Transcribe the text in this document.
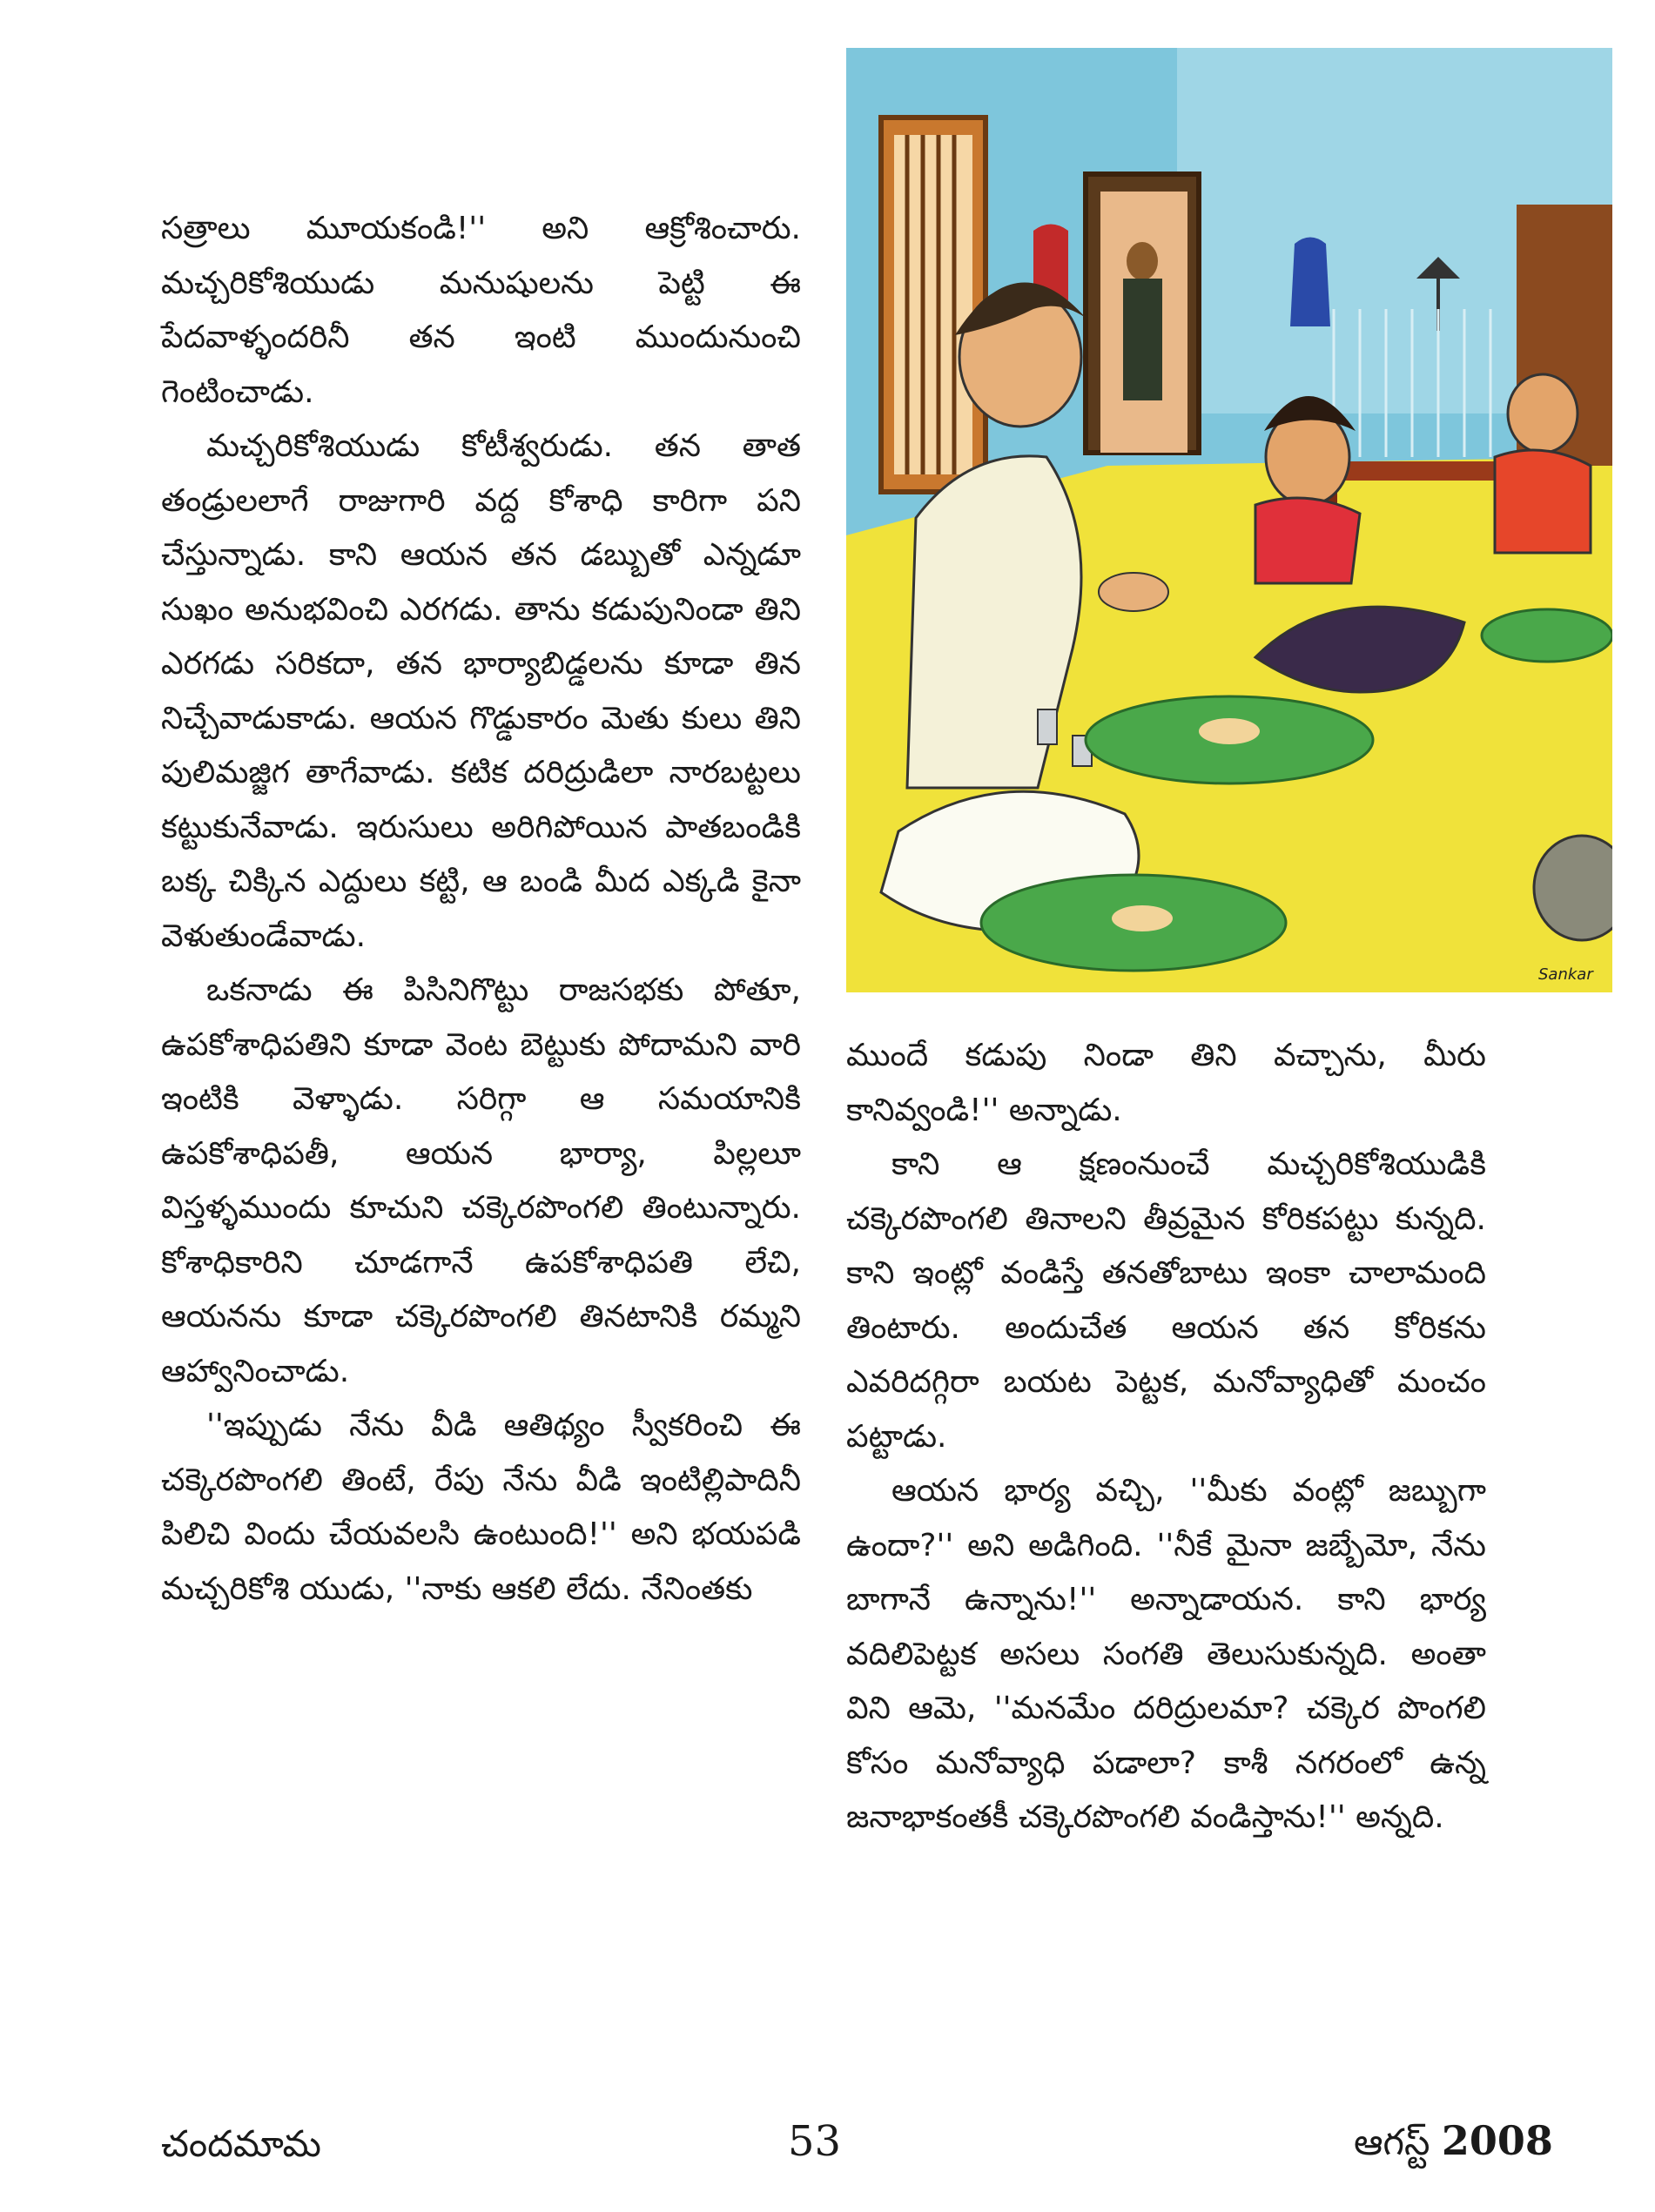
Sankar

సత్రాలు మూయకండి!'' అని ఆక్రోశించారు. మచ్చరికోశియుడు మనుషులను పెట్టి ఈ పేదవాళ్ళందరినీ తన ఇంటి ముందునుంచి గెంటించాడు.

మచ్చరికోశియుడు కోటీశ్వరుడు. తన తాత తండ్రులలాగే రాజుగారి వద్ద కోశాధి కారిగా పని చేస్తున్నాడు. కాని ఆయన తన డబ్బుతో ఎన్నడూ సుఖం అనుభవించి ఎరగడు. తాను కడుపునిండా తిని ఎరగడు సరికదా, తన భార్యాబిడ్డలను కూడా తిన నిచ్చేవాడుకాడు. ఆయన గొడ్డుకారం మెతు కులు తిని పులిమజ్జిగ తాగేవాడు. కటిక దరిద్రుడిలా నారబట్టలు కట్టుకునేవాడు. ఇరుసులు అరిగిపోయిన పాతబండికి బక్క చిక్కిన ఎద్దులు కట్టి, ఆ బండి మీద ఎక్కడి కైనా వెళుతుండేవాడు.

ఒకనాడు ఈ పిసినిగొట్టు రాజసభకు పోతూ, ఉపకోశాధిపతిని కూడా వెంట బెట్టుకు పోదామని వారి ఇంటికి వెళ్ళాడు. సరిగ్గా ఆ సమయానికి ఉపకోశాధిపతీ, ఆయన భార్యా, పిల్లలూ విస్తళ్ళముందు కూచుని చక్కెరపొంగలి తింటున్నారు. కోశాధికారిని చూడగానే ఉపకోశాధిపతి లేచి, ఆయనను కూడా చక్కెరపొంగలి తినటానికి రమ్మని ఆహ్వానించాడు.

''ఇప్పుడు నేను వీడి ఆతిథ్యం స్వీకరించి ఈ చక్కెరపొంగలి తింటే, రేపు నేను వీడి ఇంటిల్లిపాదినీ పిలిచి విందు చేయవలసి ఉంటుంది!'' అని భయపడి మచ్చరికోశి యుడు, ''నాకు ఆకలి లేదు. నేనింతకు

ముందే కడుపు నిండా తిని వచ్చాను, మీరు కానివ్వండి!'' అన్నాడు.

కాని ఆ క్షణంనుంచే మచ్చరికోశియుడికి చక్కెరపొంగలి తినాలని తీవ్రమైన కోరికపట్టు కున్నది. కాని ఇంట్లో వండిస్తే తనతోబాటు ఇంకా చాలామంది తింటారు. అందుచేత ఆయన తన కోరికను ఎవరిదగ్గిరా బయట పెట్టక, మనోవ్యాధితో మంచం పట్టాడు.

ఆయన భార్య వచ్చి, ''మీకు వంట్లో జబ్బుగా ఉందా?'' అని అడిగింది. ''నీకే మైనా జబ్బేమో, నేను బాగానే ఉన్నాను!'' అన్నాడాయన. కాని భార్య వదిలిపెట్టక అసలు సంగతి తెలుసుకున్నది. అంతా విని ఆమె, ''మనమేం దరిద్రులమా? చక్కెర పొంగలి కోసం మనోవ్యాధి పడాలా? కాశీ నగరంలో ఉన్న జనాభాకంతకీ చక్కెరపొంగలి వండిస్తాను!'' అన్నది.

చందమామ	53	ఆగస్ట్ 2008
